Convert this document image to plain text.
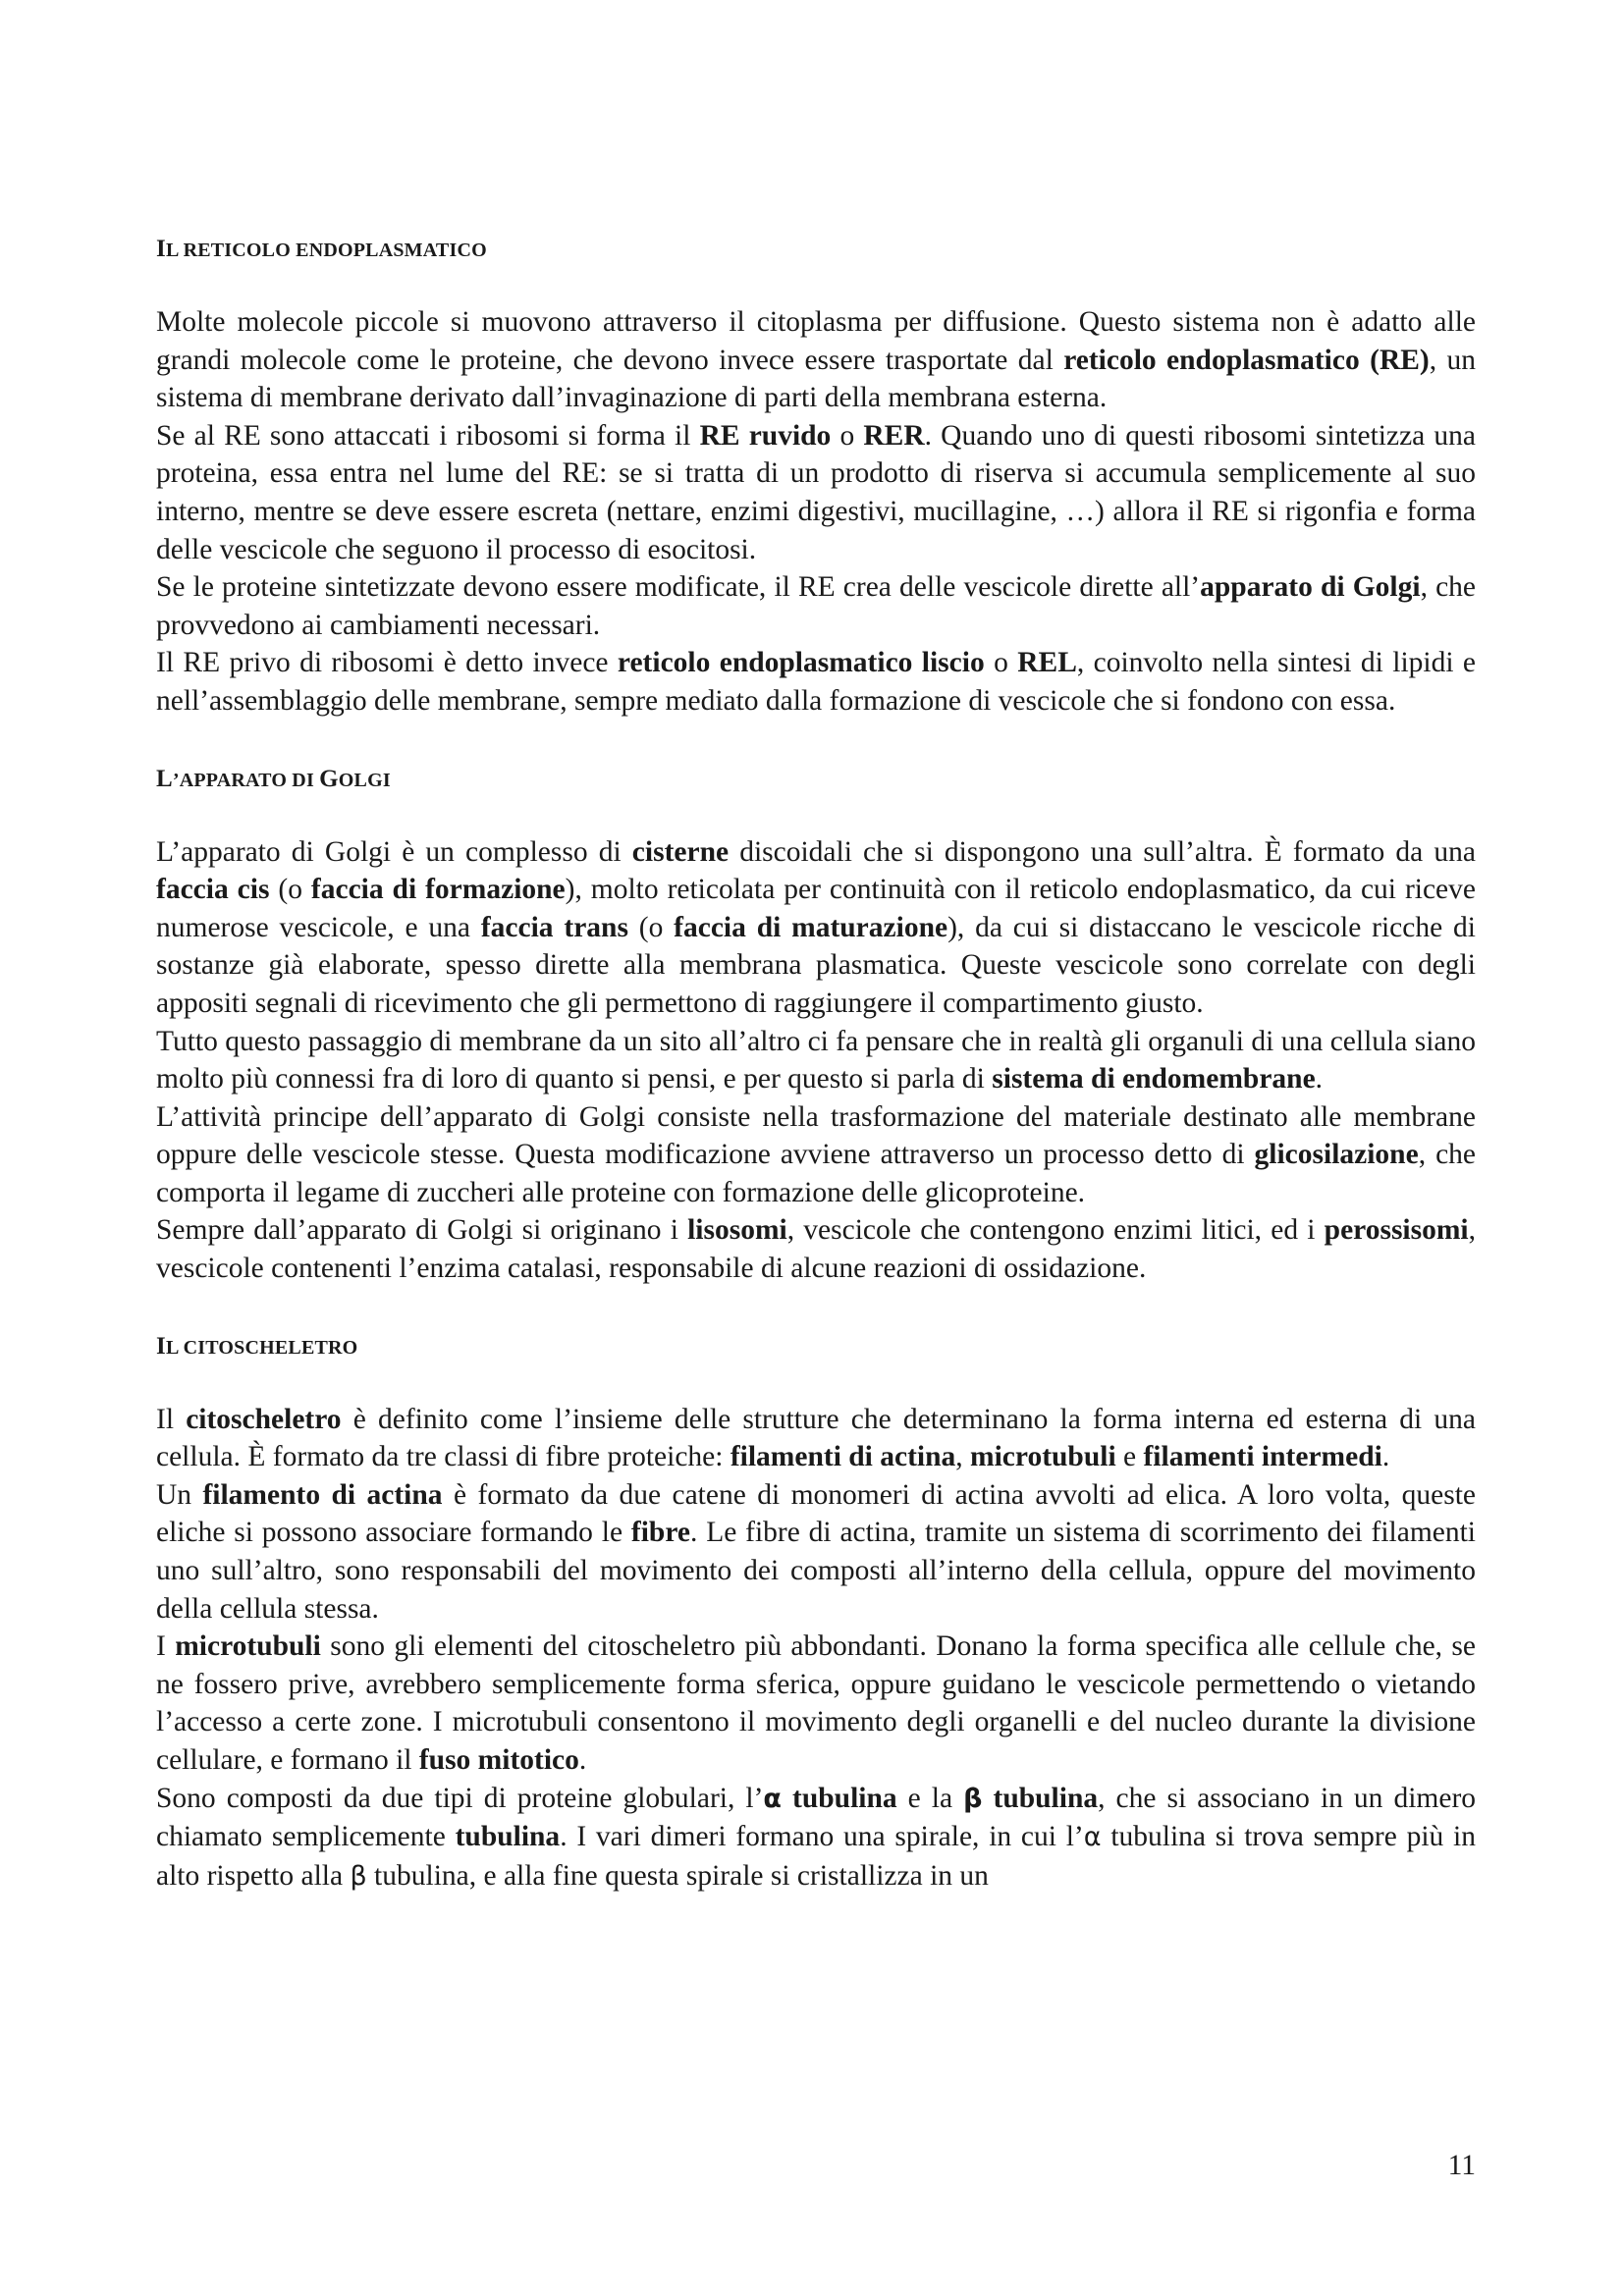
IL RETICOLO ENDOPLASMATICO

Molte molecole piccole si muovono attraverso il citoplasma per diffusione. Questo sistema non è adatto alle grandi molecole come le proteine, che devono invece essere trasportate dal reticolo endoplasmatico (RE), un sistema di membrane derivato dall’invaginazione di parti della membrana esterna.

Se al RE sono attaccati i ribosomi si forma il RE ruvido o RER. Quando uno di questi ribosomi sintetizza una proteina, essa entra nel lume del RE: se si tratta di un prodotto di riserva si accumula semplicemente al suo interno, mentre se deve essere escreta (nettare, enzimi digestivi, mucillagine, …) allora il RE si rigonfia e forma delle vescicole che seguono il processo di esocitosi.

Se le proteine sintetizzate devono essere modificate, il RE crea delle vescicole dirette all’apparato di Golgi, che provvedono ai cambiamenti necessari.

Il RE privo di ribosomi è detto invece reticolo endoplasmatico liscio o REL, coinvolto nella sintesi di lipidi e nell’assemblaggio delle membrane, sempre mediato dalla formazione di vescicole che si fondono con essa.

L’APPARATO DI GOLGI

L’apparato di Golgi è un complesso di cisterne discoidali che si dispongono una sull’altra. È formato da una faccia cis (o faccia di formazione), molto reticolata per continuità con il reticolo endoplasmatico, da cui riceve numerose vescicole, e una faccia trans (o faccia di maturazione), da cui si distaccano le vescicole ricche di sostanze già elaborate, spesso dirette alla membrana plasmatica. Queste vescicole sono correlate con degli appositi segnali di ricevimento che gli permettono di raggiungere il compartimento giusto.

Tutto questo passaggio di membrane da un sito all’altro ci fa pensare che in realtà gli organuli di una cellula siano molto più connessi fra di loro di quanto si pensi, e per questo si parla di sistema di endomembrane.

L’attività principe dell’apparato di Golgi consiste nella trasformazione del materiale destinato alle membrane oppure delle vescicole stesse. Questa modificazione avviene attraverso un processo detto di glicosilazione, che comporta il legame di zuccheri alle proteine con formazione delle glicoproteine.

Sempre dall’apparato di Golgi si originano i lisosomi, vescicole che contengono enzimi litici, ed i perossisomi, vescicole contenenti l’enzima catalasi, responsabile di alcune reazioni di ossidazione.

IL CITOSCHELETRO

Il citoscheletro è definito come l’insieme delle strutture che determinano la forma interna ed esterna di una cellula. È formato da tre classi di fibre proteiche: filamenti di actina, microtubuli e filamenti intermedi.

Un filamento di actina è formato da due catene di monomeri di actina avvolti ad elica. A loro volta, queste eliche si possono associare formando le fibre. Le fibre di actina, tramite un sistema di scorrimento dei filamenti uno sull’altro, sono responsabili del movimento dei composti all’interno della cellula, oppure del movimento della cellula stessa.

I microtubuli sono gli elementi del citoscheletro più abbondanti. Donano la forma specifica alle cellule che, se ne fossero prive, avrebbero semplicemente forma sferica, oppure guidano le vescicole permettendo o vietando l’accesso a certe zone. I microtubuli consentono il movimento degli organelli e del nucleo durante la divisione cellulare, e formano il fuso mitotico.

Sono composti da due tipi di proteine globulari, l’α tubulina e la β tubulina, che si associano in un dimero chiamato semplicemente tubulina. I vari dimeri formano una spirale, in cui l’α tubulina si trova sempre più in alto rispetto alla β tubulina, e alla fine questa spirale si cristallizza in un

11
